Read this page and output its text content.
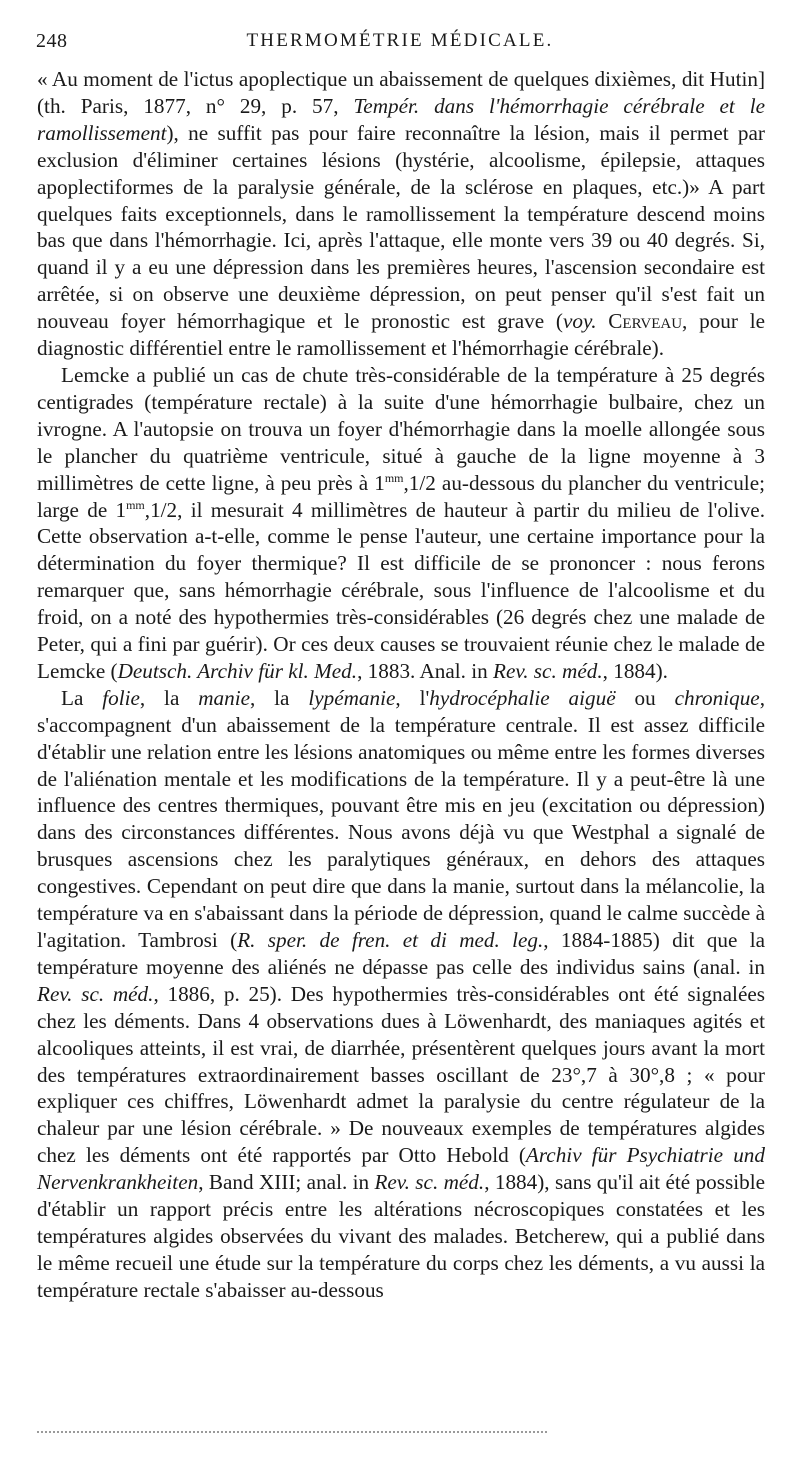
248	THERMOMÉTRIE MÉDICALE.

« Au moment de l'ictus apoplectique un abaissement de quelques dixièmes, dit Hutin] (th. Paris, 1877, n° 29, p. 57, Tempér. dans l'hémorrhagie cérébrale et le ramollissement), ne suffit pas pour faire reconnaître la lésion, mais il permet par exclusion d'éliminer certaines lésions (hystérie, alcoolisme, épilepsie, attaques apoplectiformes de la paralysie générale, de la sclérose en plaques, etc.)» A part quelques faits exceptionnels, dans le ramollissement la température descend moins bas que dans l'hémorrhagie. Ici, après l'attaque, elle monte vers 39 ou 40 degrés. Si, quand il y a eu une dépression dans les premières heures, l'ascension secondaire est arrêtée, si on observe une deuxième dépression, on peut penser qu'il s'est fait un nouveau foyer hémorrhagique et le pronostic est grave (voy. Cerveau, pour le diagnostic différentiel entre le ramollissement et l'hémorrhagie cérébrale).

Lemcke a publié un cas de chute très-considérable de la température à 25 degrés centigrades (température rectale) à la suite d'une hémorrhagie bulbaire, chez un ivrogne. A l'autopsie on trouva un foyer d'hémorrhagie dans la moelle allongée sous le plancher du quatrième ventricule, situé à gauche de la ligne moyenne à 3 millimètres de cette ligne, à peu près à $1^{mm},1/2$ au-dessous du plancher du ventricule; large de $1^{mm},1/2$, il mesurait 4 millimètres de hauteur à partir du milieu de l'olive. Cette observation a-t-elle, comme le pense l'auteur, une certaine importance pour la détermination du foyer thermique? Il est difficile de se prononcer : nous ferons remarquer que, sans hémorrhagie cérébrale, sous l'influence de l'alcoolisme et du froid, on a noté des hypothermies très-considérables (26 degrés chez une malade de Peter, qui a fini par guérir). Or ces deux causes se trouvaient réunie chez le malade de Lemcke (Deutsch. Archiv für kl. Med., 1883. Anal. in Rev. sc. méd., 1884).

La folie, la manie, la lypémanie, l'hydrocéphalie aiguë ou chronique, s'accompagnent d'un abaissement de la température centrale. Il est assez difficile d'établir une relation entre les lésions anatomiques ou même entre les formes diverses de l'aliénation mentale et les modifications de la température. Il y a peut-être là une influence des centres thermiques, pouvant être mis en jeu (excitation ou dépression) dans des circonstances différentes. Nous avons déjà vu que Westphal a signalé de brusques ascensions chez les paralytiques généraux, en dehors des attaques congestives. Cependant on peut dire que dans la manie, surtout dans la mélancolie, la température va en s'abaissant dans la période de dépression, quand le calme succède à l'agitation. Tambrosi (R. sper. de fren. et di med. leg., 1884-1885) dit que la température moyenne des aliénés ne dépasse pas celle des individus sains (anal. in Rev. sc. méd., 1886, p. 25). Des hypothermies très-considérables ont été signalées chez les déments. Dans 4 observations dues à Löwenhardt, des maniaques agités et alcooliques atteints, il est vrai, de diarrhée, présentèrent quelques jours avant la mort des températures extraordinairement basses oscillant de 23°,7 à 30°,8 ; « pour expliquer ces chiffres, Löwenhardt admet la paralysie du centre régulateur de la chaleur par une lésion cérébrale. » De nouveaux exemples de températures algides chez les déments ont été rapportés par Otto Hebold (Archiv für Psychiatrie und Nervenkrankheiten, Band XIII; anal. in Rev. sc. méd., 1884), sans qu'il ait été possible d'établir un rapport précis entre les altérations nécroscopiques constatées et les températures algides observées du vivant des malades. Betcherew, qui a publié dans le même recueil une étude sur la température du corps chez les déments, a vu aussi la température rectale s'abaisser au-dessous
